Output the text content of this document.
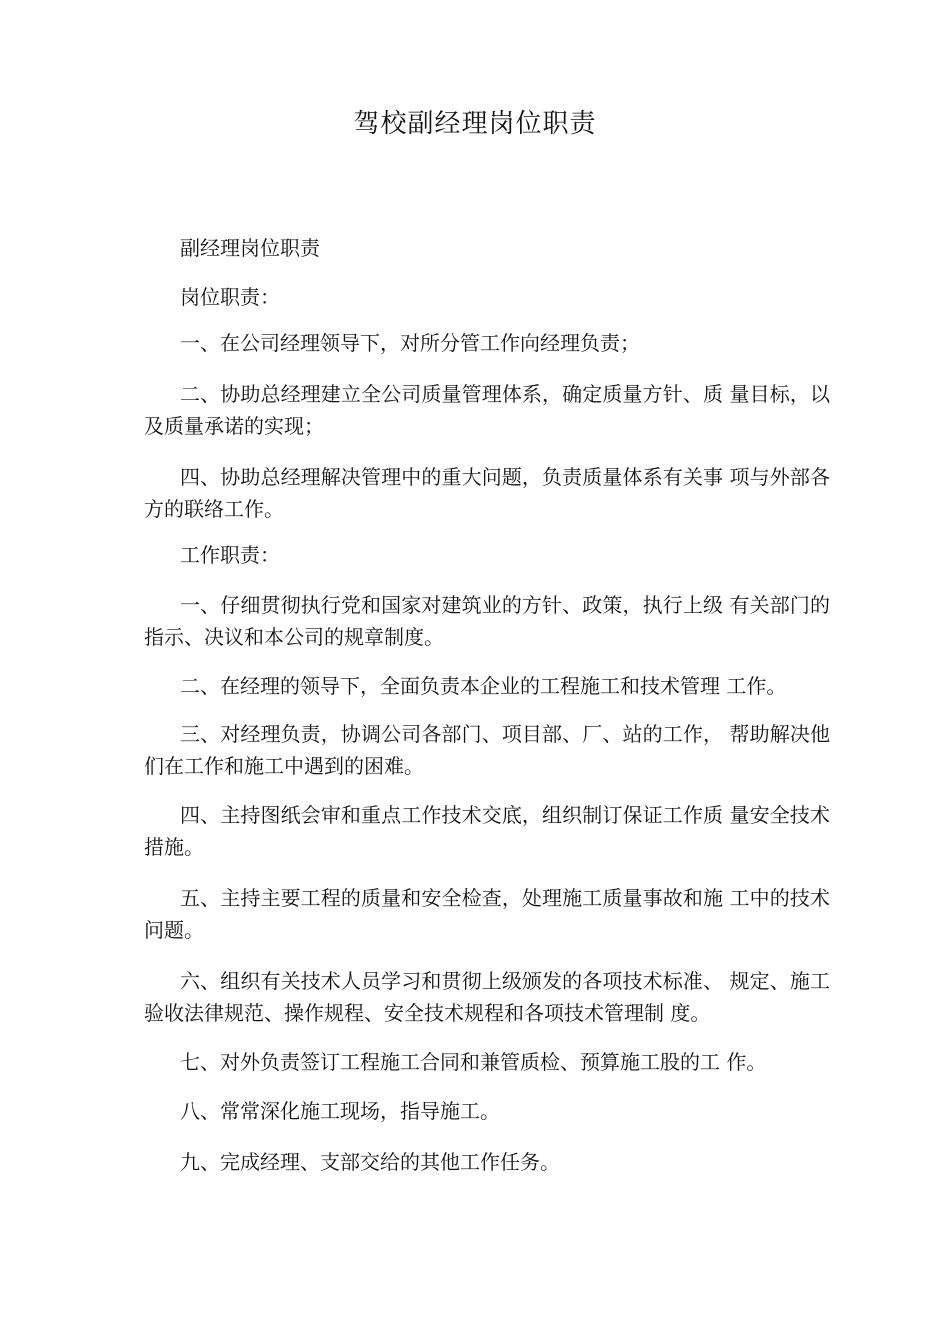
驾校副经理岗位职责
副经理岗位职责
岗位职责：
一、在公司经理领导下，对所分管工作向经理负责；
二、协助总经理建立全公司质量管理体系，确定质量方针、质 量目标，以及质量承诺的实现；
四、协助总经理解决管理中的重大问题，负责质量体系有关事 项与外部各方的联络工作。
工作职责：
一、仔细贯彻执行党和国家对建筑业的方针、政策，执行上级 有关部门的指示、决议和本公司的规章制度。
二、在经理的领导下，全面负责本企业的工程施工和技术管理 工作。
三、对经理负责，协调公司各部门、项目部、厂、站的工作， 帮助解决他们在工作和施工中遇到的困难。
四、主持图纸会审和重点工作技术交底，组织制订保证工作质 量安全技术措施。
五、主持主要工程的质量和安全检查，处理施工质量事故和施 工中的技术问题。
六、组织有关技术人员学习和贯彻上级颁发的各项技术标准、 规定、施工验收法律规范、操作规程、安全技术规程和各项技术管理制 度。
七、对外负责签订工程施工合同和兼管质检、预算施工股的工 作。
八、常常深化施工现场，指导施工。
九、完成经理、支部交给的其他工作任务。
